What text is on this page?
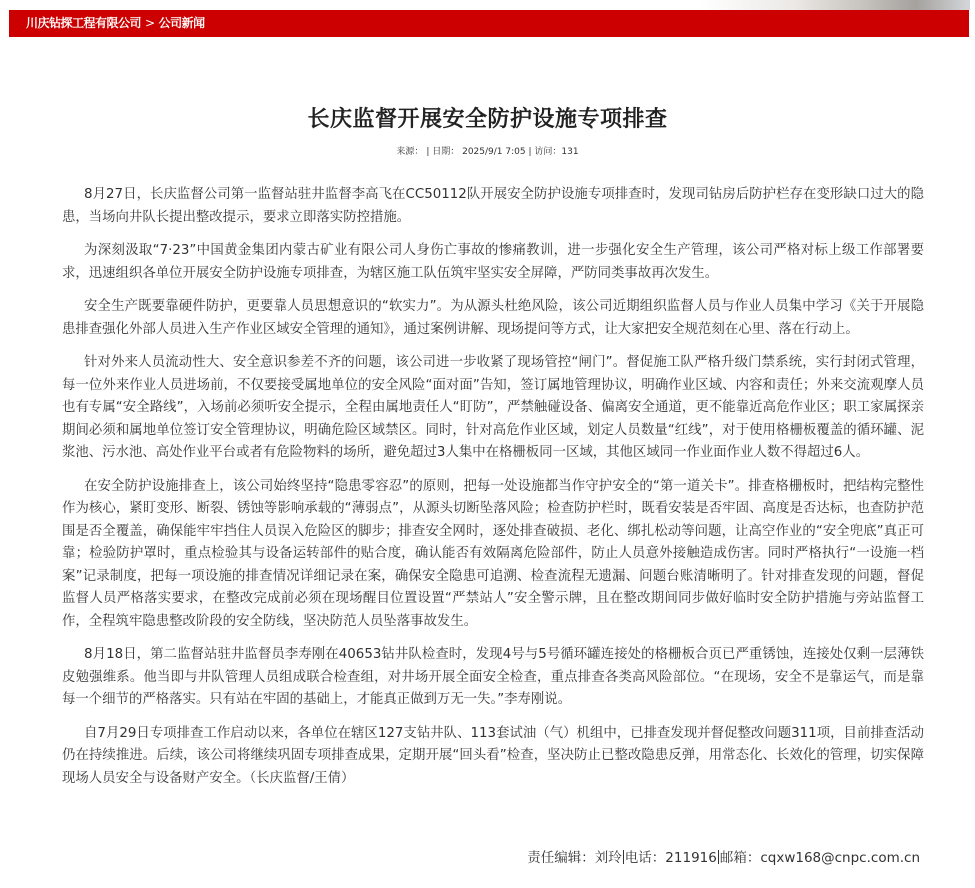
川庆钻探工程有限公司 > 公司新闻
长庆监督开展安全防护设施专项排查
来源： | 日期： 2025/9/1 7:05 | 访问：131

8月27日，长庆监督公司第一监督站驻井监督李高飞在CC50112队开展安全防护设施专项排查时，发现司钻房后防护栏存在变形缺口过大的隐患，当场向井队长提出整改提示，要求立即落实防控措施。

为深刻汲取“7·23”中国黄金集团内蒙古矿业有限公司人身伤亡事故的惨痛教训，进一步强化安全生产管理，该公司严格对标上级工作部署要求，迅速组织各单位开展安全防护设施专项排查，为辖区施工队伍筑牢坚实安全屏障，严防同类事故再次发生。

安全生产既要靠硬件防护，更要靠人员思想意识的“软实力”。为从源头杜绝风险，该公司近期组织监督人员与作业人员集中学习《关于开展隐患排查强化外部人员进入生产作业区域安全管理的通知》，通过案例讲解、现场提问等方式，让大家把安全规范刻在心里、落在行动上。

针对外来人员流动性大、安全意识参差不齐的问题，该公司进一步收紧了现场管控“闸门”。督促施工队严格升级门禁系统，实行封闭式管理，每一位外来作业人员进场前，不仅要接受属地单位的安全风险“面对面”告知，签订属地管理协议，明确作业区域、内容和责任；外来交流观摩人员也有专属“安全路线”，入场前必须听安全提示，全程由属地责任人“盯防”，严禁触碰设备、偏离安全通道，更不能靠近高危作业区；职工家属探亲期间必须和属地单位签订安全管理协议，明确危险区域禁区。同时，针对高危作业区域，划定人员数量“红线”，对于使用格栅板覆盖的循环罐、泥浆池、污水池、高处作业平台或者有危险物料的场所，避免超过3人集中在格栅板同一区域，其他区域同一作业面作业人数不得超过6人。

在安全防护设施排查上，该公司始终坚持“隐患零容忍”的原则，把每一处设施都当作守护安全的“第一道关卡”。排查格栅板时，把结构完整性作为核心，紧盯变形、断裂、锈蚀等影响承载的“薄弱点”，从源头切断坠落风险；检查防护栏时，既看安装是否牢固、高度是否达标，也查防护范围是否全覆盖，确保能牢牢挡住人员误入危险区的脚步；排查安全网时，逐处排查破损、老化、绑扎松动等问题，让高空作业的“安全兜底”真正可靠；检验防护罩时，重点检验其与设备运转部件的贴合度，确认能否有效隔离危险部件，防止人员意外接触造成伤害。同时严格执行“一设施一档案”记录制度，把每一项设施的排查情况详细记录在案，确保安全隐患可追溯、检查流程无遗漏、问题台账清晰明了。针对排查发现的问题，督促监督人员严格落实要求，在整改完成前必须在现场醒目位置设置“严禁站人”安全警示牌，且在整改期间同步做好临时安全防护措施与旁站监督工作，全程筑牢隐患整改阶段的安全防线，坚决防范人员坠落事故发生。

8月18日，第二监督站驻井监督员李寿刚在40653钻井队检查时，发现4号与5号循环罐连接处的格栅板合页已严重锈蚀，连接处仅剩一层薄铁皮勉强维系。他当即与井队管理人员组成联合检查组，对井场开展全面安全检查，重点排查各类高风险部位。“在现场，安全不是靠运气，而是靠每一个细节的严格落实。只有站在牢固的基础上，才能真正做到万无一失。”李寿刚说。

自7月29日专项排查工作启动以来，各单位在辖区127支钻井队、113套试油（气）机组中，已排查发现并督促整改问题311项，目前排查活动仍在持续推进。后续，该公司将继续巩固专项排查成果，定期开展“回头看”检查，坚决防止已整改隐患反弹，用常态化、长效化的管理，切实保障现场人员安全与设备财产安全。（长庆监督/王倩）

责任编辑：刘玲 电话：211916 邮箱：cqxw168@cnpc.com.cn
